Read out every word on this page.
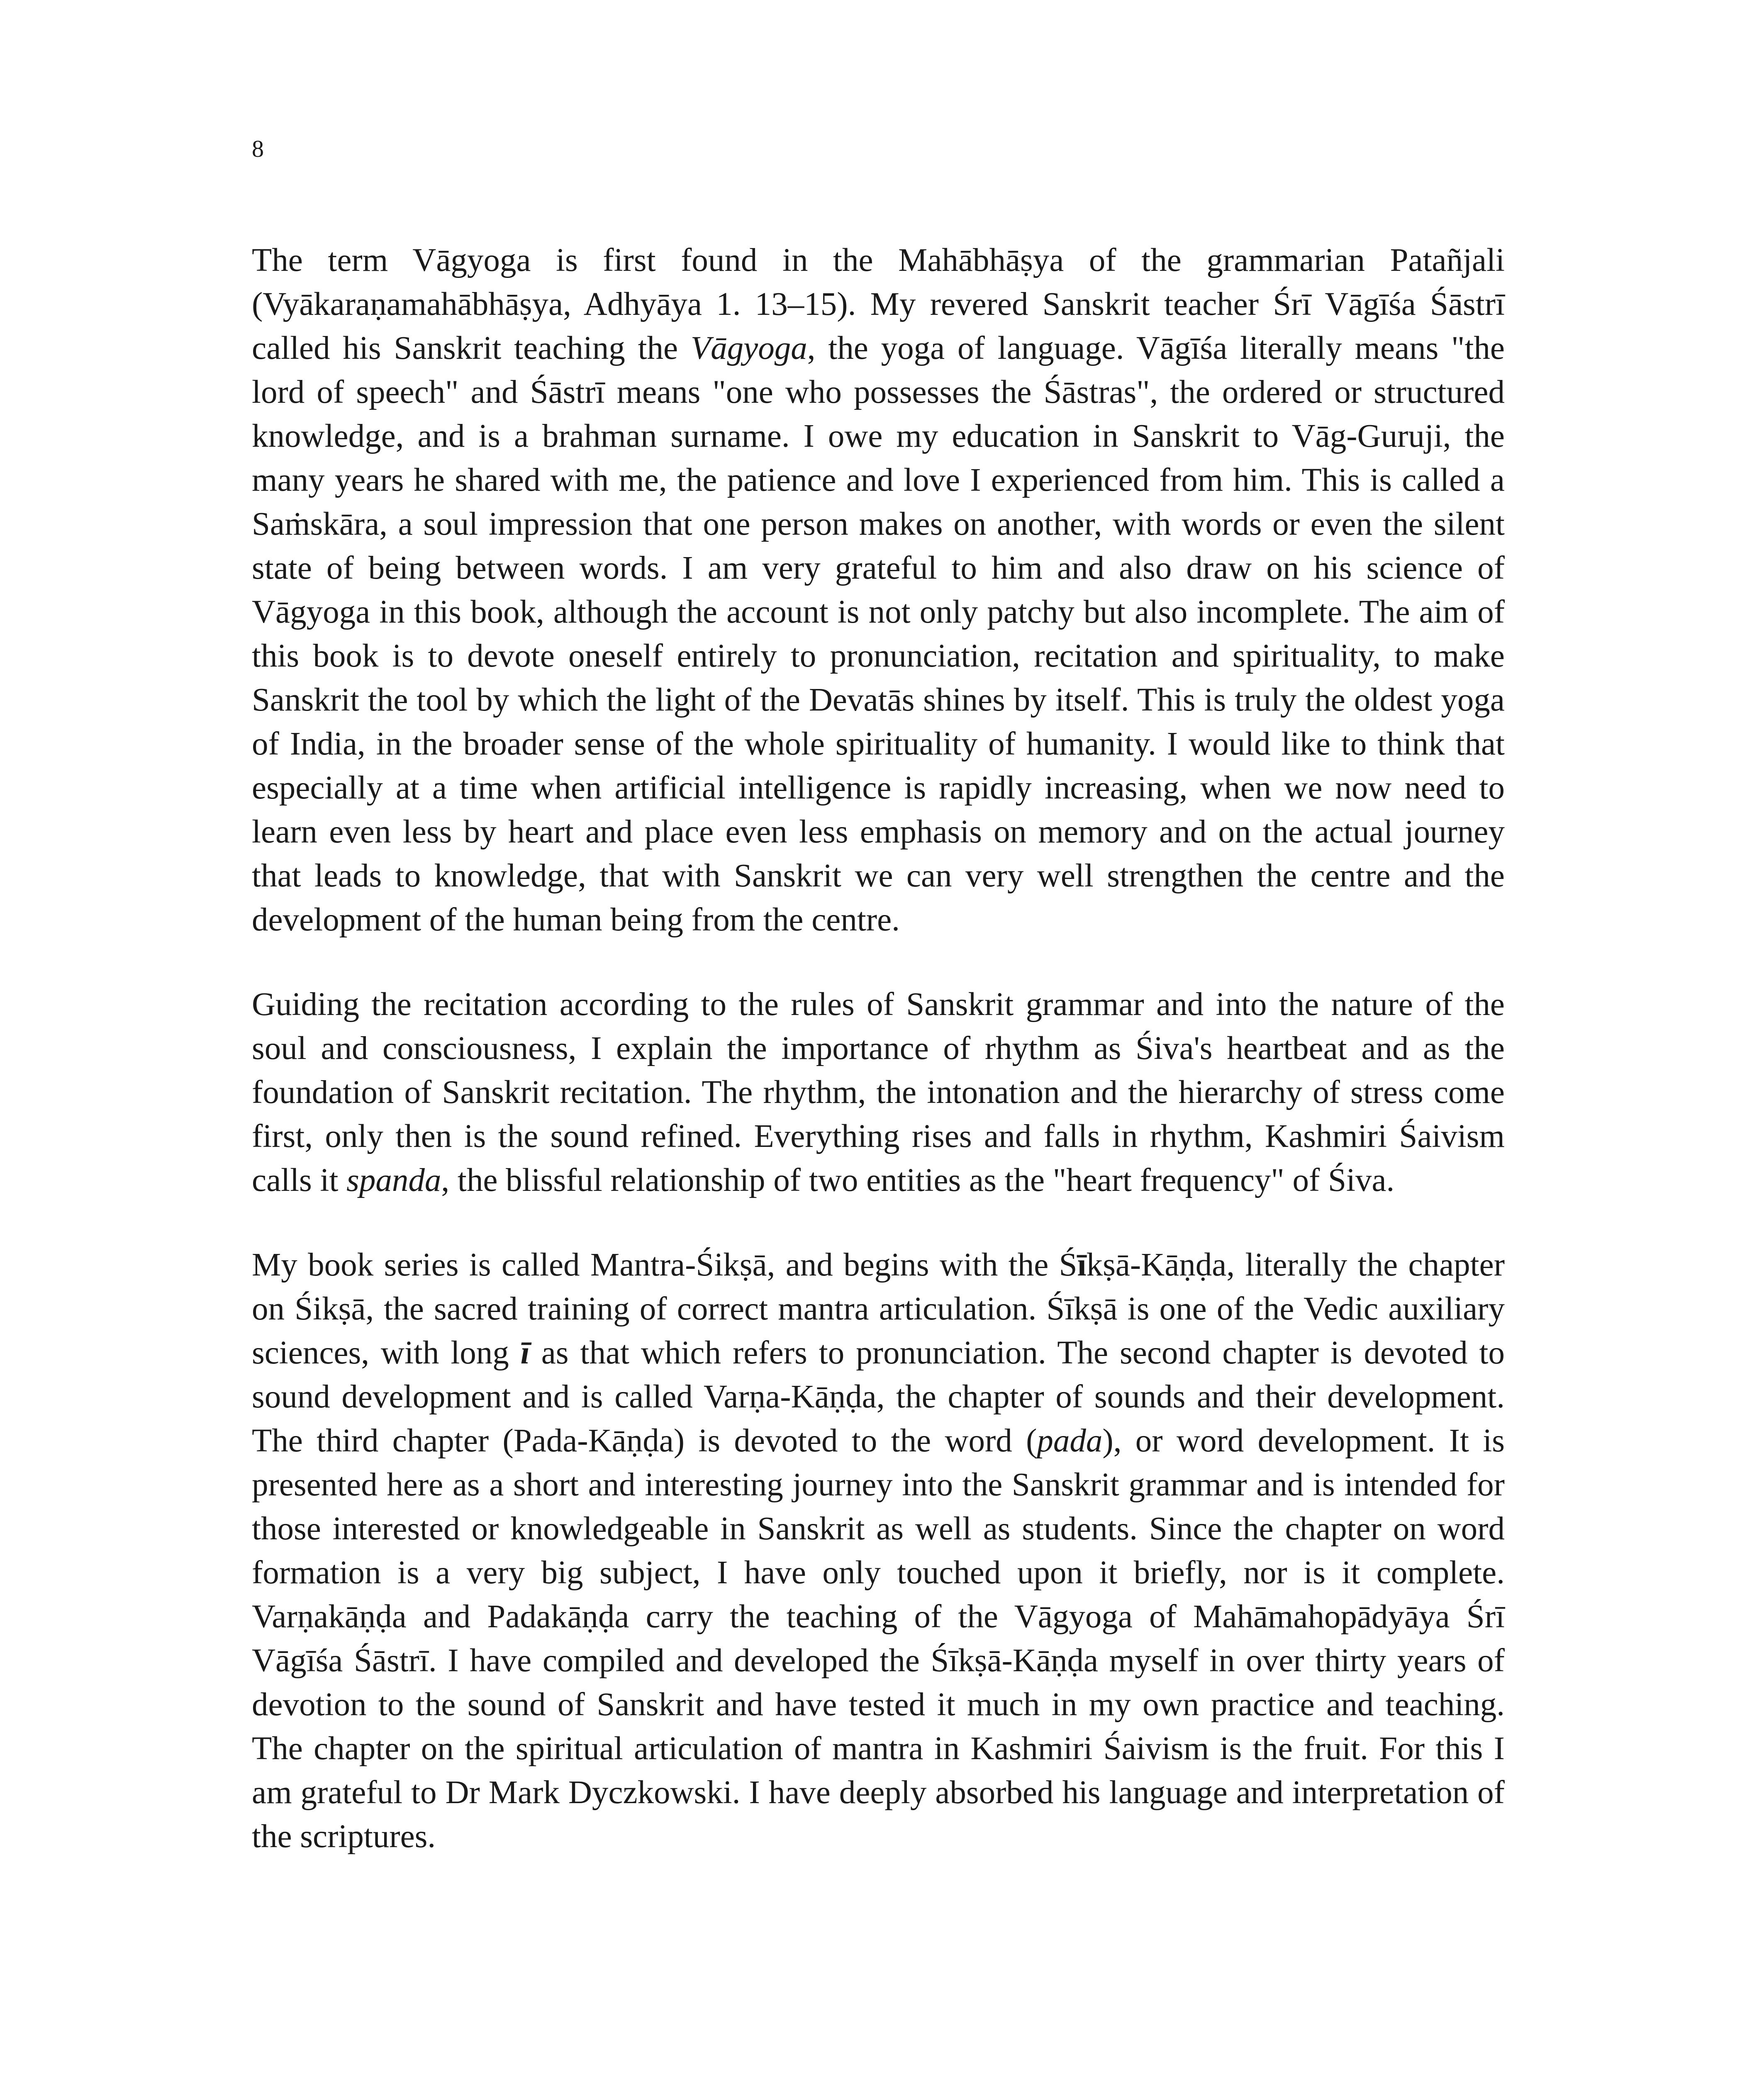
8

The term Vāgyoga is first found in the Mahābhāṣya of the grammarian Patañjali (Vyākaraṇamahābhāṣya, Adhyāya 1. 13–15). My revered Sanskrit teacher Śrī Vāgīśa Śāstrī called his Sanskrit teaching the Vāgyoga, the yoga of language. Vāgīśa literally means "the lord of speech" and Śāstrī means "one who possesses the Śāstras", the ordered or structured knowledge, and is a brahman surname. I owe my education in Sanskrit to Vāg-Guruji, the many years he shared with me, the patience and love I experienced from him. This is called a Saṁskāra, a soul impression that one person makes on another, with words or even the silent state of being between words. I am very grateful to him and also draw on his science of Vāgyoga in this book, although the account is not only patchy but also incomplete. The aim of this book is to devote oneself entirely to pronunciation, recitation and spirituality, to make Sanskrit the tool by which the light of the Devatās shines by itself. This is truly the oldest yoga of India, in the broader sense of the whole spirituality of humanity. I would like to think that especially at a time when artificial intelligence is rapidly increasing, when we now need to learn even less by heart and place even less emphasis on memory and on the actual journey that leads to knowledge, that with Sanskrit we can very well strengthen the centre and the development of the human being from the centre.

Guiding the recitation according to the rules of Sanskrit grammar and into the nature of the soul and consciousness, I explain the importance of rhythm as Śiva's heartbeat and as the foundation of Sanskrit recitation. The rhythm, the intonation and the hierarchy of stress come first, only then is the sound refined. Everything rises and falls in rhythm, Kashmiri Śaivism calls it spanda, the blissful relationship of two entities as the "heart frequency" of Śiva.

My book series is called Mantra-Śikṣā, and begins with the Śīkṣā-Kāṇḍa, literally the chapter on Śikṣā, the sacred training of correct mantra articulation. Śīkṣā is one of the Vedic auxiliary sciences, with long ī as that which refers to pronunciation. The second chapter is devoted to sound development and is called Varṇa-Kāṇḍa, the chapter of sounds and their development. The third chapter (Pada-Kāṇḍa) is devoted to the word (pada), or word development. It is presented here as a short and interesting journey into the Sanskrit grammar and is intended for those interested or knowledgeable in Sanskrit as well as students. Since the chapter on word formation is a very big subject, I have only touched upon it briefly, nor is it complete. Varṇakāṇḍa and Padakāṇḍa carry the teaching of the Vāgyoga of Mahāmahopādyāya Śrī Vāgīśa Śāstrī. I have compiled and developed the Śīkṣā-Kāṇḍa myself in over thirty years of devotion to the sound of Sanskrit and have tested it much in my own practice and teaching. The chapter on the spiritual articulation of mantra in Kashmiri Śaivism is the fruit. For this I am grateful to Dr Mark Dyczkowski. I have deeply absorbed his language and interpretation of the scriptures.
